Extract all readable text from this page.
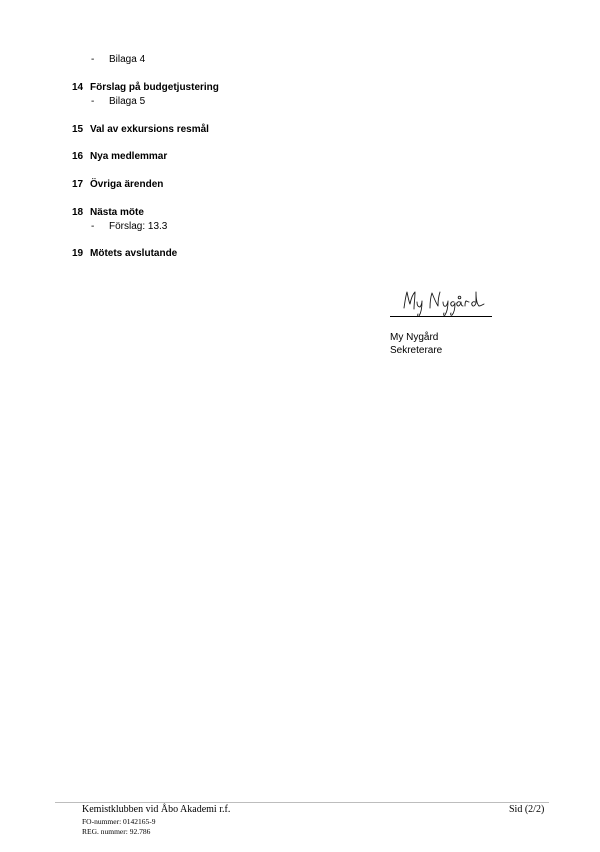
- Bilaga 4
14 Förslag på budgetjustering
- Bilaga 5
15 Val av exkursions resmål
16 Nya medlemmar
17 Övriga ärenden
18 Nästa möte
- Förslag: 13.3
19 Mötets avslutande
My Nygård
Sekreterare
Kemistklubben vid Åbo Akademi r.f.
FO-nummer: 0142165-9
REG. nummer: 92.786
Sid (2/2)
